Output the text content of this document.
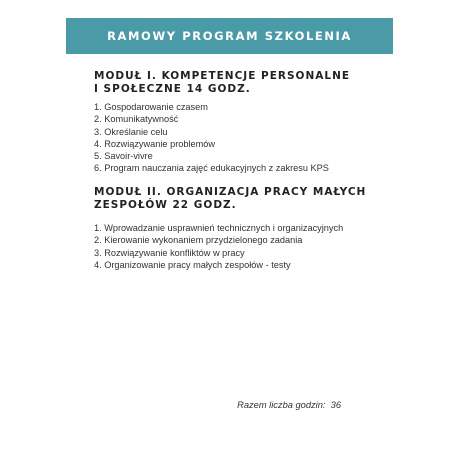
RAMOWY PROGRAM SZKOLENIA
MODUŁ I. KOMPETENCJE PERSONALNE
I SPOŁECZNE 14 GODZ.
1. Gospodarowanie czasem
2. Komunikatywność
3. Określanie celu
4. Rozwiązywanie problemów
5. Savoir-vivre
6. Program nauczania zajęć edukacyjnych z zakresu KPS
MODUŁ II. ORGANIZACJA PRACY MAŁYCH
ZESPOŁÓW 22 GODZ.
1. Wprowadzanie usprawnień technicznych i organizacyjnych
2. Kierowanie wykonaniem przydzielonego zadania
3. Rozwiązywanie konfliktów w pracy
4. Organizowanie pracy małych zespołów - testy
Razem liczba godzin: 36
